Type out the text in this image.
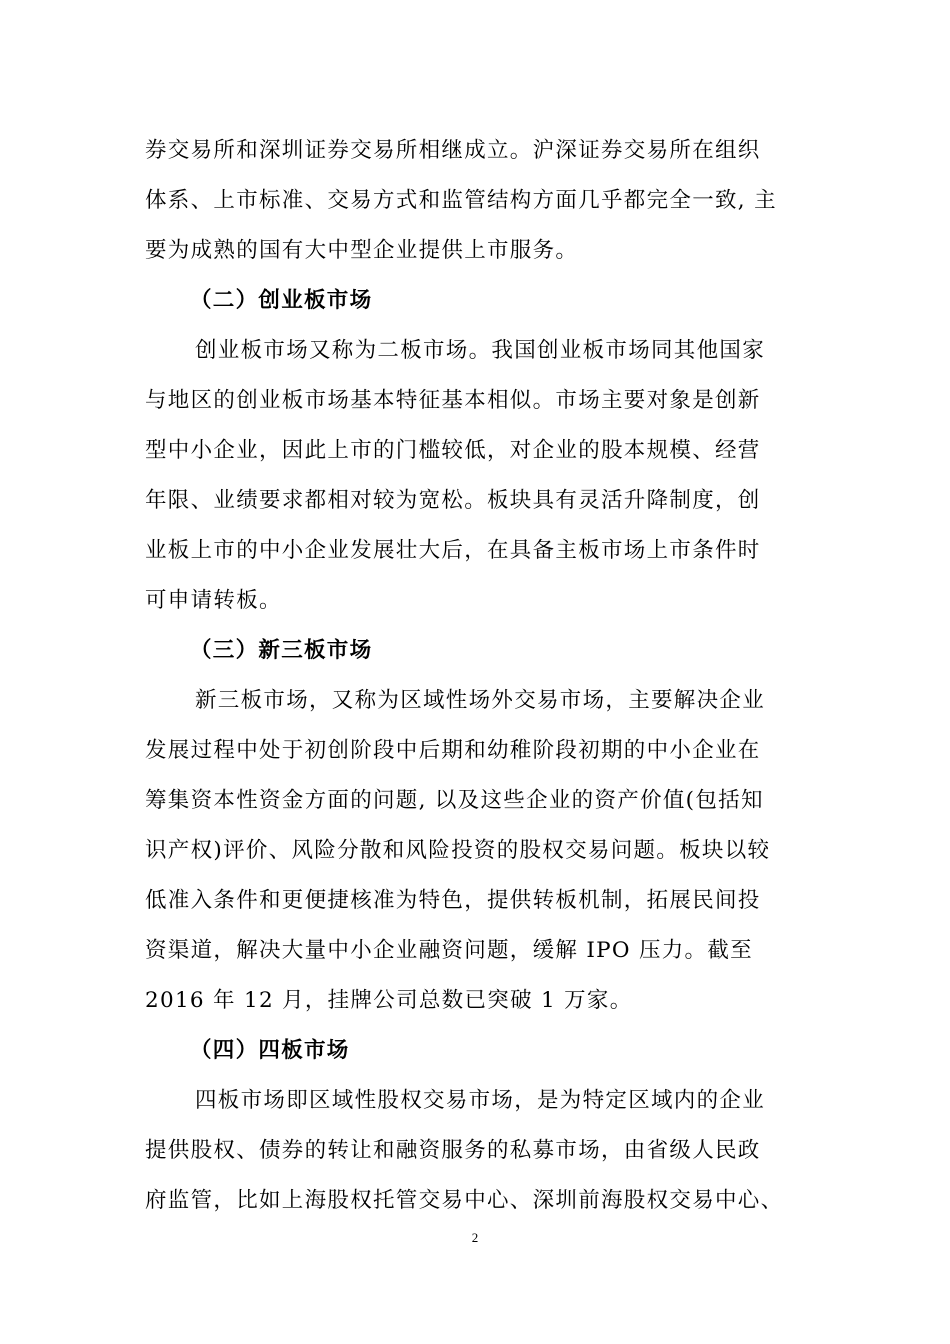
券交易所和深圳证券交易所相继成立。沪深证券交易所在组织
体系、上市标准、交易方式和监管结构方面几乎都完全一致, 主
要为成熟的国有大中型企业提供上市服务。
（二）创业板市场
创业板市场又称为二板市场。我国创业板市场同其他国家
与地区的创业板市场基本特征基本相似。市场主要对象是创新
型中小企业，因此上市的门槛较低，对企业的股本规模、经营
年限、业绩要求都相对较为宽松。板块具有灵活升降制度，创
业板上市的中小企业发展壮大后，在具备主板市场上市条件时
可申请转板。
（三）新三板市场
新三板市场，又称为区域性场外交易市场，主要解决企业
发展过程中处于初创阶段中后期和幼稚阶段初期的中小企业在
筹集资本性资金方面的问题, 以及这些企业的资产价值(包括知
识产权)评价、风险分散和风险投资的股权交易问题。板块以较
低准入条件和更便捷核准为特色，提供转板机制，拓展民间投
资渠道，解决大量中小企业融资问题，缓解 IPO 压力。截至
2016 年 12 月，挂牌公司总数已突破 1 万家。
（四）四板市场
四板市场即区域性股权交易市场，是为特定区域内的企业
提供股权、债券的转让和融资服务的私募市场，由省级人民政
府监管，比如上海股权托管交易中心、深圳前海股权交易中心、
2
